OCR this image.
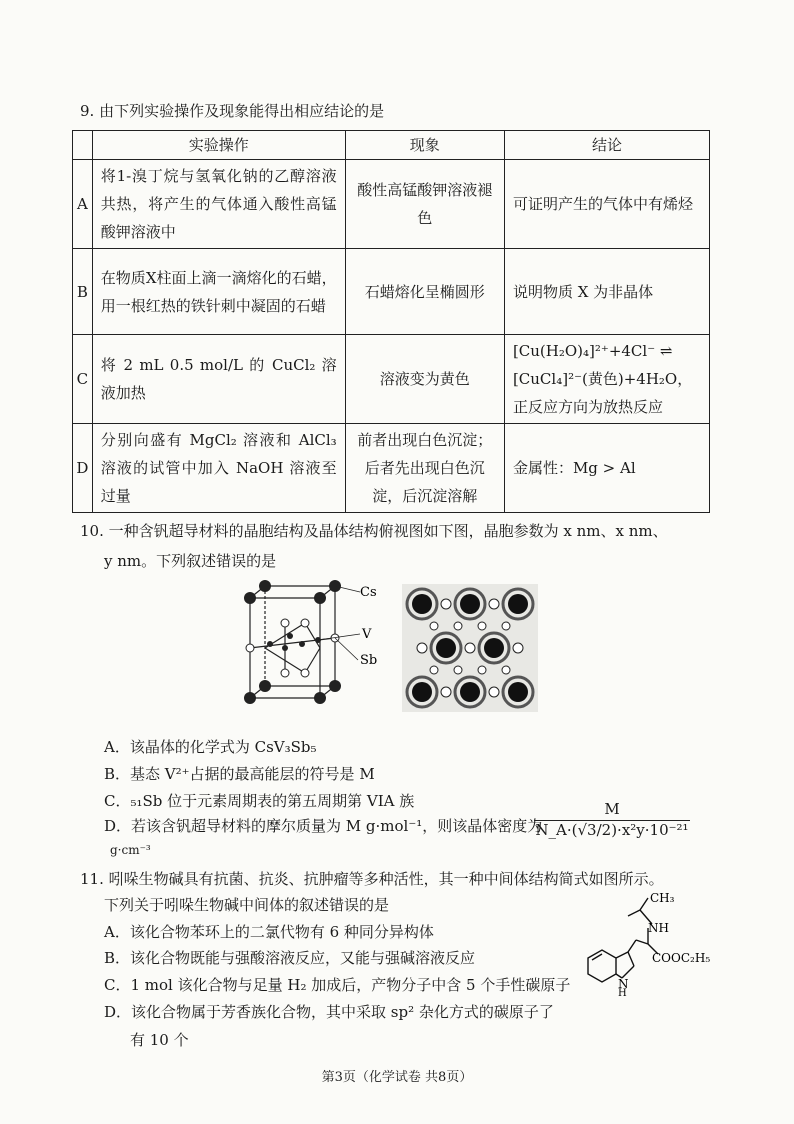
9. 由下列实验操作及现象能得出相应结论的是
	实验操作	现象	结论
A	将1-溴丁烷与氢氧化钠的乙醇溶液共热，将产生的气体通入酸性高锰酸钾溶液中	酸性高锰酸钾溶液褪色	可证明产生的气体中有烯烃
B	在物质X柱面上滴一滴熔化的石蜡，用一根红热的铁针刺中凝固的石蜡	石蜡熔化呈椭圆形	说明物质 X 为非晶体
C	将 2 mL 0.5 mol/L 的 CuCl₂ 溶液加热	溶液变为黄色	[Cu(H₂O)₄]²⁺+4Cl⁻ ⇌ [CuCl₄]²⁻(黄色)+4H₂O，正反应方向为放热反应
D	分别向盛有 MgCl₂ 溶液和 AlCl₃ 溶液的试管中加入 NaOH 溶液至过量	前者出现白色沉淀；后者先出现白色沉淀，后沉淀溶解	金属性：Mg > Al
10. 一种含钒超导材料的晶胞结构及晶体结构俯视图如下图，晶胞参数为 x nm、x nm、
y nm。下列叙述错误的是
Cs
V
Sb
A．该晶体的化学式为 CsV₃Sb₅
B．基态 V²⁺占据的最高能层的符号是 M
C．₅₁Sb 位于元素周期表的第五周期第 VIA 族
D．若该含钒超导材料的摩尔质量为 M g·mol⁻¹，则该晶体密度为
$\frac{M}{\text{N\_A·(√3/2)·x²y·10⁻²¹}}$
g·cm⁻³
11. 吲哚生物碱具有抗菌、抗炎、抗肿瘤等多种活性，其一种中间体结构简式如图所示。
下列关于吲哚生物碱中间体的叙述错误的是
A．该化合物苯环上的二氯代物有 6 种同分异构体
B．该化合物既能与强酸溶液反应，又能与强碱溶液反应
C．1 mol 该化合物与足量 H₂ 加成后，产物分子中含 5 个手性碳原子
D．该化合物属于芳香族化合物，其中采取 sp² 杂化方式的碳原子了
有 10 个
CH₃
NH
COOC₂H₅
N
H
第3页（化学试卷 共8页）
